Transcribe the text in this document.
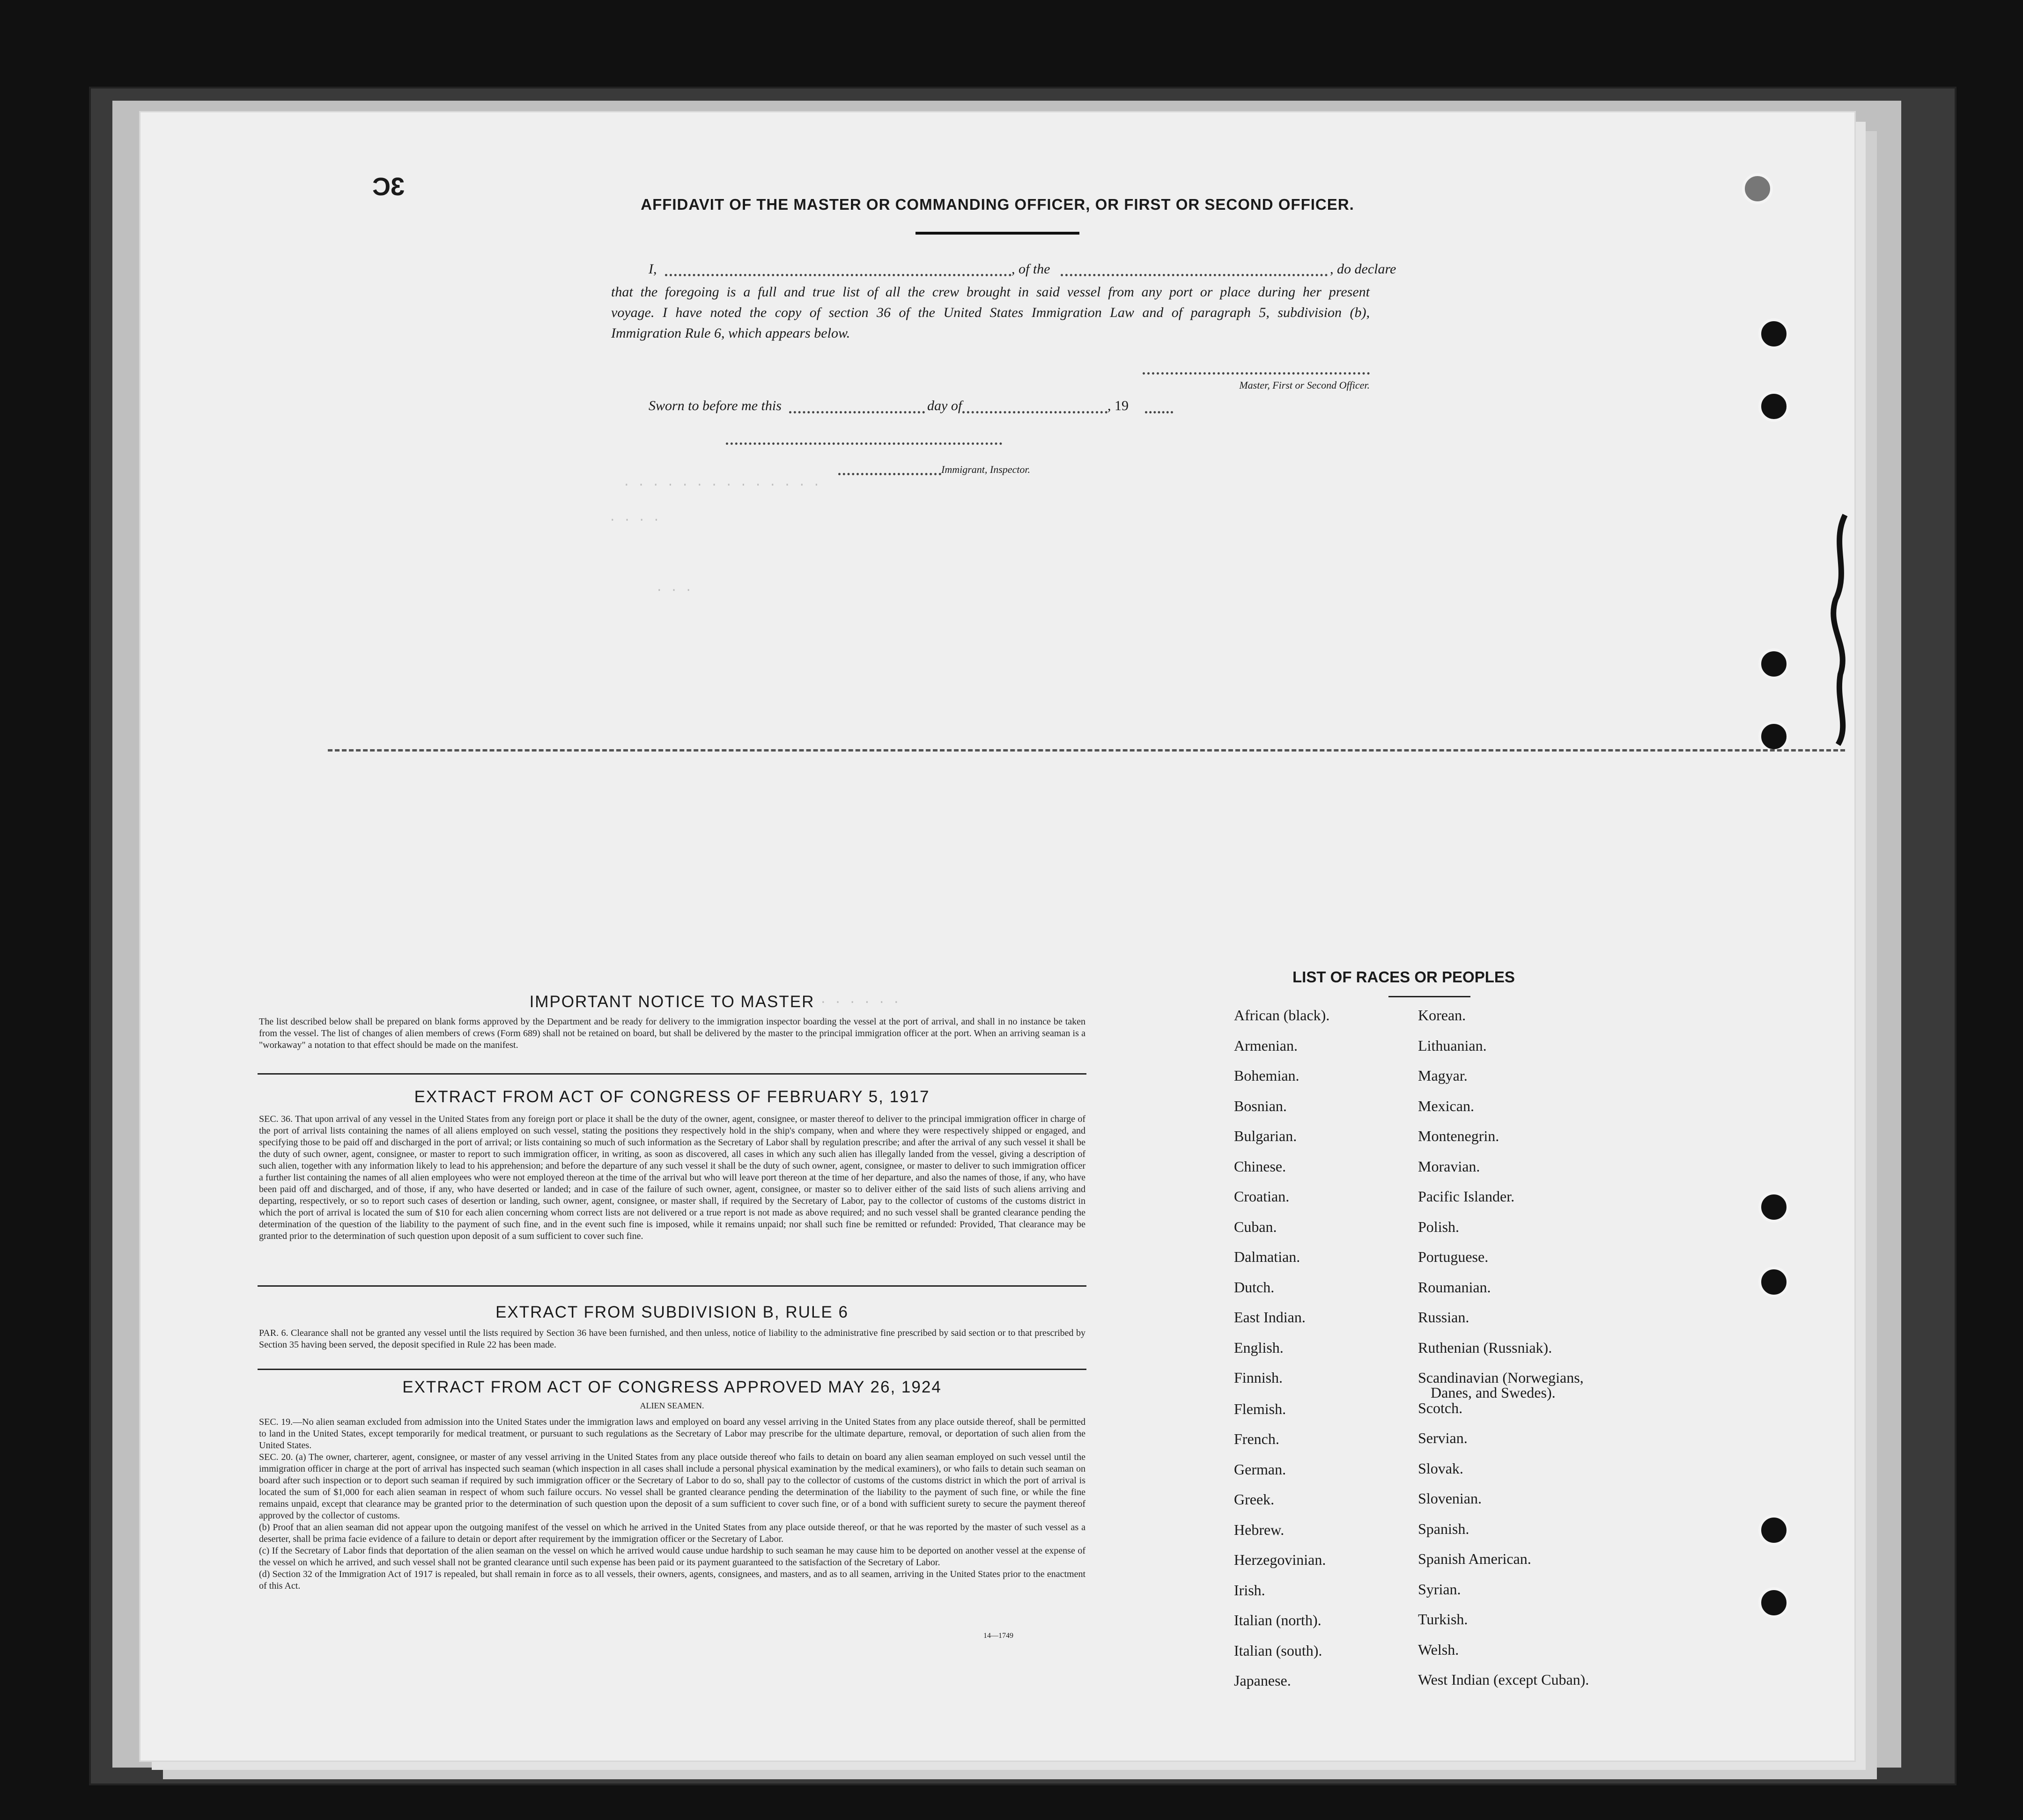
3C
. . . . . . . . . . . . . .
. . . .
. . .
. . . . . .
AFFIDAVIT OF THE MASTER OR COMMANDING OFFICER, OR FIRST OR SECOND OFFICER.
I,	, of the	, do declare
that the foregoing is a full and true list of all the crew brought in said vessel from any port or place during her present
voyage. I have noted the copy of section 36 of the United States Immigration Law and of paragraph 5, subdivision (b),
Immigration Rule 6, which appears below.
Master, First or Second Officer.
Sworn to before me this	day of	, 19
Immigrant, Inspector.
IMPORTANT NOTICE TO MASTER
The list described below shall be prepared on blank forms approved by the Department and be ready for delivery to the immigration inspector boarding the vessel at the port of arrival, and shall in no instance be taken from the vessel. The list of changes of alien members of crews (Form 689) shall not be retained on board, but shall be delivered by the master to the principal immigration officer at the port. When an arriving seaman is a "workaway" a notation to that effect should be made on the manifest.
EXTRACT FROM ACT OF CONGRESS OF FEBRUARY 5, 1917
SEC. 36. That upon arrival of any vessel in the United States from any foreign port or place it shall be the duty of the owner, agent, consignee, or master thereof to deliver to the principal immigration officer in charge of the port of arrival lists containing the names of all aliens employed on such vessel, stating the positions they respectively hold in the ship's company, when and where they were respectively shipped or engaged, and specifying those to be paid off and discharged in the port of arrival; or lists containing so much of such information as the Secretary of Labor shall by regulation prescribe; and after the arrival of any such vessel it shall be the duty of such owner, agent, consignee, or master to report to such immigration officer, in writing, as soon as discovered, all cases in which any such alien has illegally landed from the vessel, giving a description of such alien, together with any information likely to lead to his apprehension; and before the departure of any such vessel it shall be the duty of such owner, agent, consignee, or master to deliver to such immigration officer a further list containing the names of all alien employees who were not employed thereon at the time of the arrival but who will leave port thereon at the time of her departure, and also the names of those, if any, who have been paid off and discharged, and of those, if any, who have deserted or landed; and in case of the failure of such owner, agent, consignee, or master so to deliver either of the said lists of such aliens arriving and departing, respectively, or so to report such cases of desertion or landing, such owner, agent, consignee, or master shall, if required by the Secretary of Labor, pay to the collector of customs of the customs district in which the port of arrival is located the sum of $10 for each alien concerning whom correct lists are not delivered or a true report is not made as above required; and no such vessel shall be granted clearance pending the determination of the question of the liability to the payment of such fine, and in the event such fine is imposed, while it remains unpaid; nor shall such fine be remitted or refunded: Provided, That clearance may be granted prior to the determination of such question upon deposit of a sum sufficient to cover such fine.
EXTRACT FROM SUBDIVISION B, RULE 6
PAR. 6. Clearance shall not be granted any vessel until the lists required by Section 36 have been furnished, and then unless, notice of liability to the administrative fine prescribed by said section or to that prescribed by Section 35 having been served, the deposit specified in Rule 22 has been made.
EXTRACT FROM ACT OF CONGRESS APPROVED MAY 26, 1924
ALIEN SEAMEN.
SEC. 19.—No alien seaman excluded from admission into the United States under the immigration laws and employed on board any vessel arriving in the United States from any place outside thereof, shall be permitted to land in the United States, except temporarily for medical treatment, or pursuant to such regulations as the Secretary of Labor may prescribe for the ultimate departure, removal, or deportation of such alien from the United States.
SEC. 20. (a) The owner, charterer, agent, consignee, or master of any vessel arriving in the United States from any place outside thereof who fails to detain on board any alien seaman employed on such vessel until the immigration officer in charge at the port of arrival has inspected such seaman (which inspection in all cases shall include a personal physical examination by the medical examiners), or who fails to detain such seaman on board after such inspection or to deport such seaman if required by such immigration officer or the Secretary of Labor to do so, shall pay to the collector of customs of the customs district in which the port of arrival is located the sum of $1,000 for each alien seaman in respect of whom such failure occurs. No vessel shall be granted clearance pending the determination of the liability to the payment of such fine, or while the fine remains unpaid, except that clearance may be granted prior to the determination of such question upon the deposit of a sum sufficient to cover such fine, or of a bond with sufficient surety to secure the payment thereof approved by the collector of customs.
(b) Proof that an alien seaman did not appear upon the outgoing manifest of the vessel on which he arrived in the United States from any place outside thereof, or that he was reported by the master of such vessel as a deserter, shall be prima facie evidence of a failure to detain or deport after requirement by the immigration officer or the Secretary of Labor.
(c) If the Secretary of Labor finds that deportation of the alien seaman on the vessel on which he arrived would cause undue hardship to such seaman he may cause him to be deported on another vessel at the expense of the vessel on which he arrived, and such vessel shall not be granted clearance until such expense has been paid or its payment guaranteed to the satisfaction of the Secretary of Labor.
(d) Section 32 of the Immigration Act of 1917 is repealed, but shall remain in force as to all vessels, their owners, agents, consignees, and masters, and as to all seamen, arriving in the United States prior to the enactment of this Act.
14—1749
LIST OF RACES OR PEOPLES
African (black).
Armenian.
Bohemian.
Bosnian.
Bulgarian.
Chinese.
Croatian.
Cuban.
Dalmatian.
Dutch.
East Indian.
English.
Finnish.
Flemish.
French.
German.
Greek.
Hebrew.
Herzegovinian.
Irish.
Italian (north).
Italian (south).
Japanese.
Korean.
Lithuanian.
Magyar.
Mexican.
Montenegrin.
Moravian.
Pacific Islander.
Polish.
Portuguese.
Roumanian.
Russian.
Ruthenian (Russniak).
Scandinavian (Norwegians,
Danes, and Swedes).
Scotch.
Servian.
Slovak.
Slovenian.
Spanish.
Spanish American.
Syrian.
Turkish.
Welsh.
West Indian (except Cuban).
